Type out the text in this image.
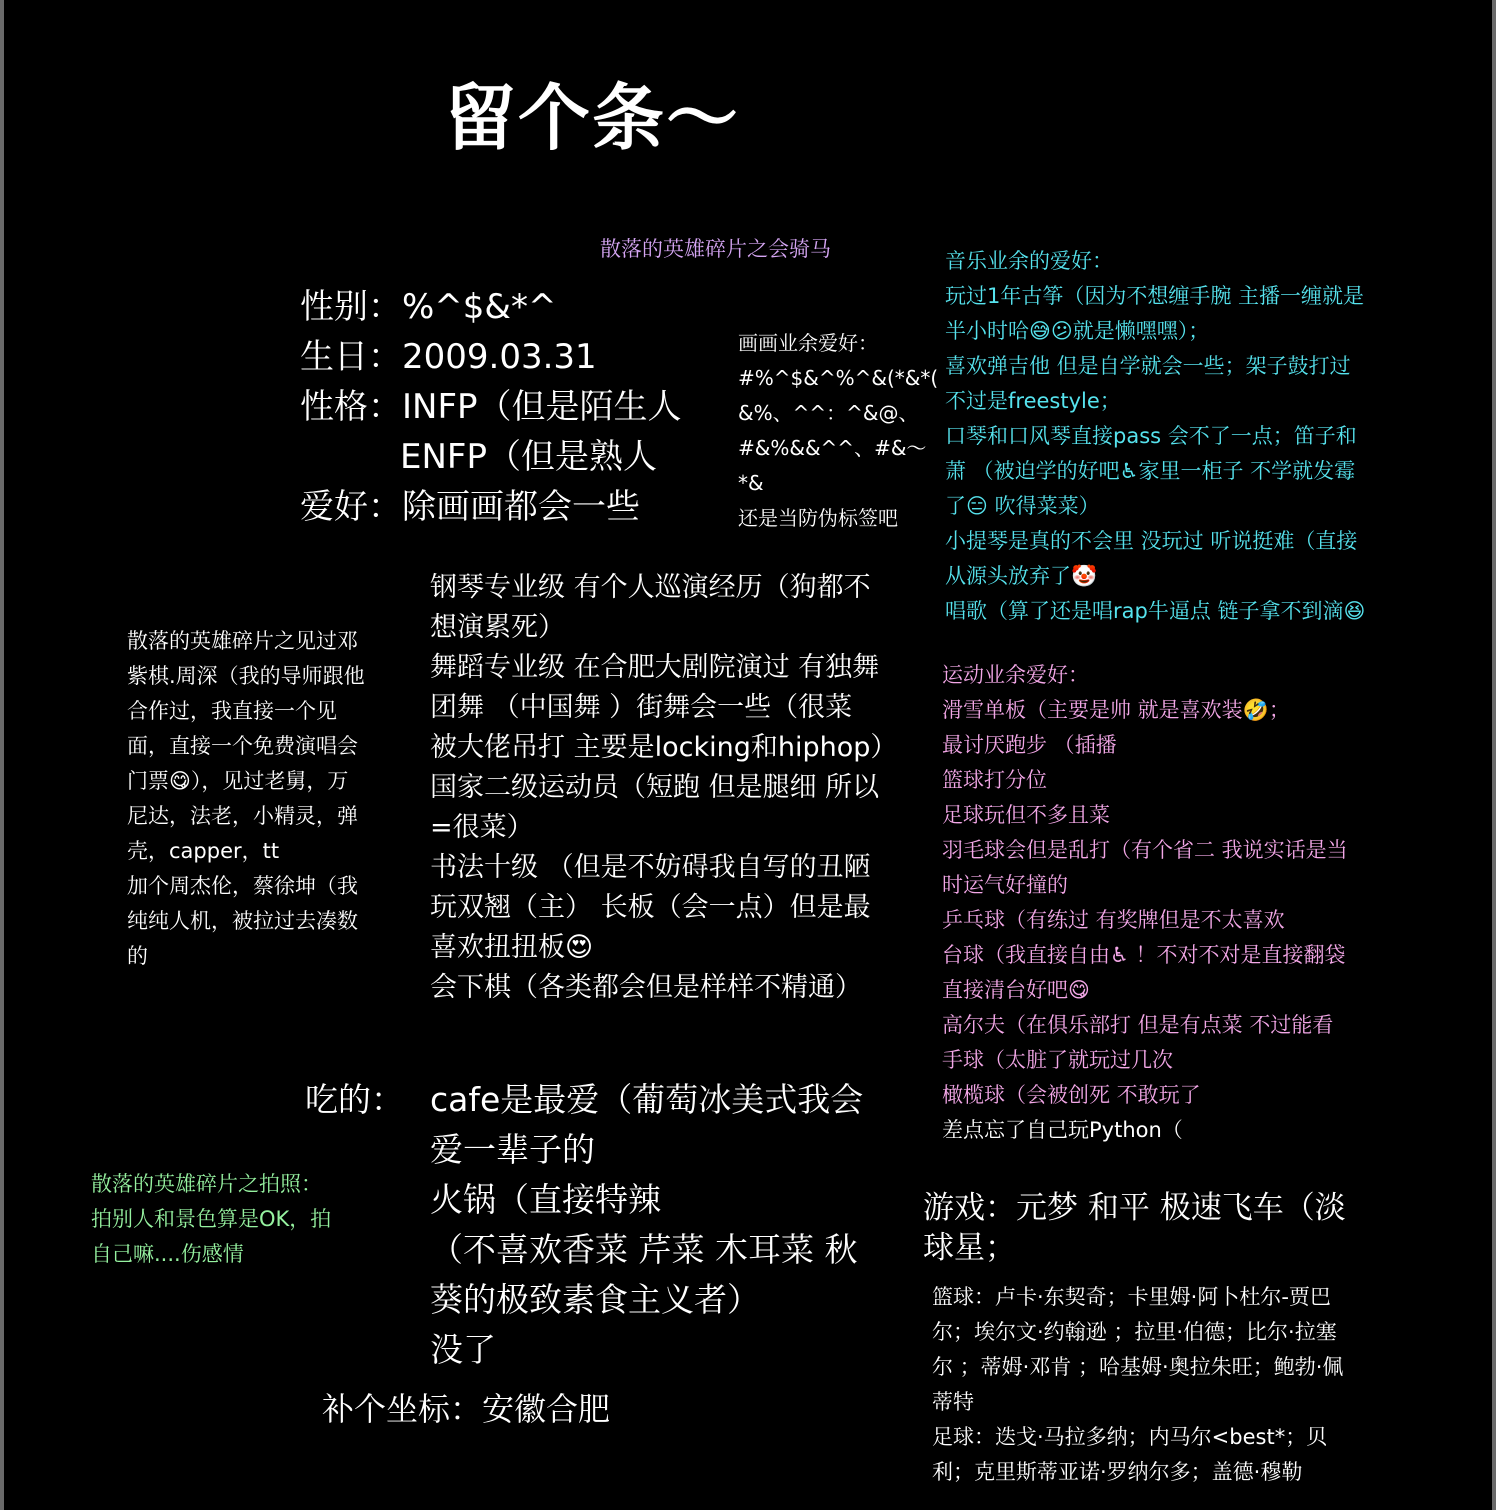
留个条～
散落的英雄碎片之会骑马
性别：%^$&*^
生日：2009.03.31
性格：INFP（但是陌生人
ENFP（但是熟人
爱好：除画画都会一些
画画业余爱好：
#%^$&^%^&(*&*(
&%、^^：^&@、
#&%&&^^、#&～
*&
还是当防伪标签吧
音乐业余的爱好：
玩过1年古筝（因为不想缠手腕 主播一缠就是
半小时哈😅😕就是懒嘿嘿）；
喜欢弹吉他 但是自学就会一些；架子鼓打过
不过是freestyle；
口琴和口风琴直接pass 会不了一点；笛子和
萧 （被迫学的好吧♿家里一柜子 不学就发霉
了😑 吹得菜菜）
小提琴是真的不会里 没玩过 听说挺难（直接
从源头放弃了🤡
唱歌（算了还是唱rap牛逼点 链子拿不到滴😆
散落的英雄碎片之见过邓
紫棋.周深（我的导师跟他
合作过，我直接一个见
面，直接一个免费演唱会
门票😋），见过老舅，万
尼达，法老，小精灵，弹
壳，capper，tt
加个周杰伦，蔡徐坤（我
纯纯人机，被拉过去凑数
的
钢琴专业级 有个人巡演经历（狗都不
想演累死）
舞蹈专业级 在合肥大剧院演过 有独舞
团舞 （中国舞 ）街舞会一些（很菜
被大佬吊打 主要是locking和hiphop）
国家二级运动员（短跑 但是腿细 所以
=很菜）
书法十级 （但是不妨碍我自写的丑陋
玩双翘（主） 长板（会一点）但是最
喜欢扭扭板😍
会下棋（各类都会但是样样不精通）
运动业余爱好：
滑雪单板（主要是帅 就是喜欢装🤣；
最讨厌跑步 （插播
篮球打分位
足球玩但不多且菜
羽毛球会但是乱打（有个省二 我说实话是当
时运气好撞的
乒乓球（有练过 有奖牌但是不太喜欢
台球（我直接自由♿ ！不对不对是直接翻袋
直接清台好吧😋
高尔夫（在俱乐部打 但是有点菜 不过能看
手球（太脏了就玩过几次
橄榄球（会被创死 不敢玩了
差点忘了自己玩Python（
吃的： cafe是最爱（葡萄冰美式我会
爱一辈子的
火锅（直接特辣
（不喜欢香菜 芹菜 木耳菜 秋
葵的极致素食主义者）
没了
散落的英雄碎片之拍照：
拍别人和景色算是OK，拍
自己嘛....伤感情
游戏：元梦 和平 极速飞车（淡
球星；
篮球：卢卡·东契奇；卡里姆·阿卜杜尔-贾巴
尔；埃尔文·约翰逊 ；拉里·伯德；比尔·拉塞
尔 ；蒂姆·邓肯 ；哈基姆·奥拉朱旺；鲍勃·佩
蒂特
足球：迭戈·马拉多纳；内马尔<best*；贝
利；克里斯蒂亚诺·罗纳尔多；盖德·穆勒
补个坐标：安徽合肥
